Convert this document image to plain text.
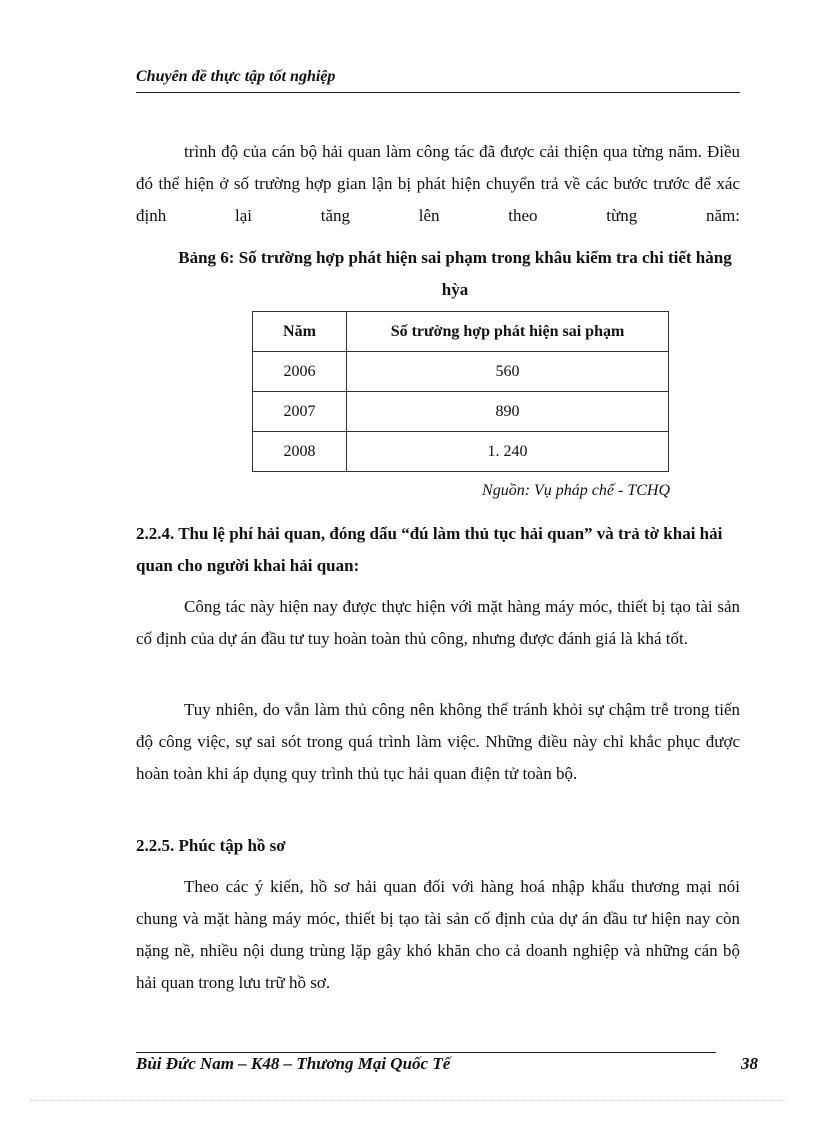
Chuyên đề thực tập tốt nghiệp
trình độ của cán bộ hải quan làm công tác đã được cải thiện qua từng năm. Điều đó thể hiện ở số trường hợp gian lận bị phát hiện chuyển trả về các bước trước để xác định lại tăng lên theo từng năm:
Bảng 6: Số trường hợp phát hiện sai phạm trong khâu kiểm tra chi tiết hàng hỳa
Năm	Số trường hợp phát hiện sai phạm
2006	560
2007	890
2008	1. 240
Nguồn: Vụ pháp chế - TCHQ
2.2.4. Thu lệ phí hải quan, đóng dấu “đú làm thủ tục hải quan” và trả tờ khai hải quan cho người khai hải quan:
Công tác này hiện nay được thực hiện với mặt hàng máy móc, thiết bị tạo tài sản cố định của dự án đầu tư tuy hoàn toàn thủ công, nhưng được đánh giá là khá tốt.
Tuy nhiên, do vẫn làm thủ công nên không thể tránh khỏi sự chậm trễ trong tiến độ công việc, sự sai sót trong quá trình làm việc. Những điều này chỉ khắc phục được hoàn toàn khi áp dụng quy trình thủ tục hải quan điện tử toàn bộ.
2.2.5. Phúc tập hồ sơ
Theo các ý kiến, hồ sơ hải quan đối với hàng hoá nhập khẩu thương mại nói chung và mặt hàng máy móc, thiết bị tạo tài sản cố định của dự án đầu tư hiện nay còn nặng nề, nhiều nội dung trùng lặp gây khó khăn cho cả doanh nghiệp và những cán bộ hải quan trong lưu trữ hồ sơ.
Bùi Đức Nam – K48 – Thương Mại Quốc Tế	38
